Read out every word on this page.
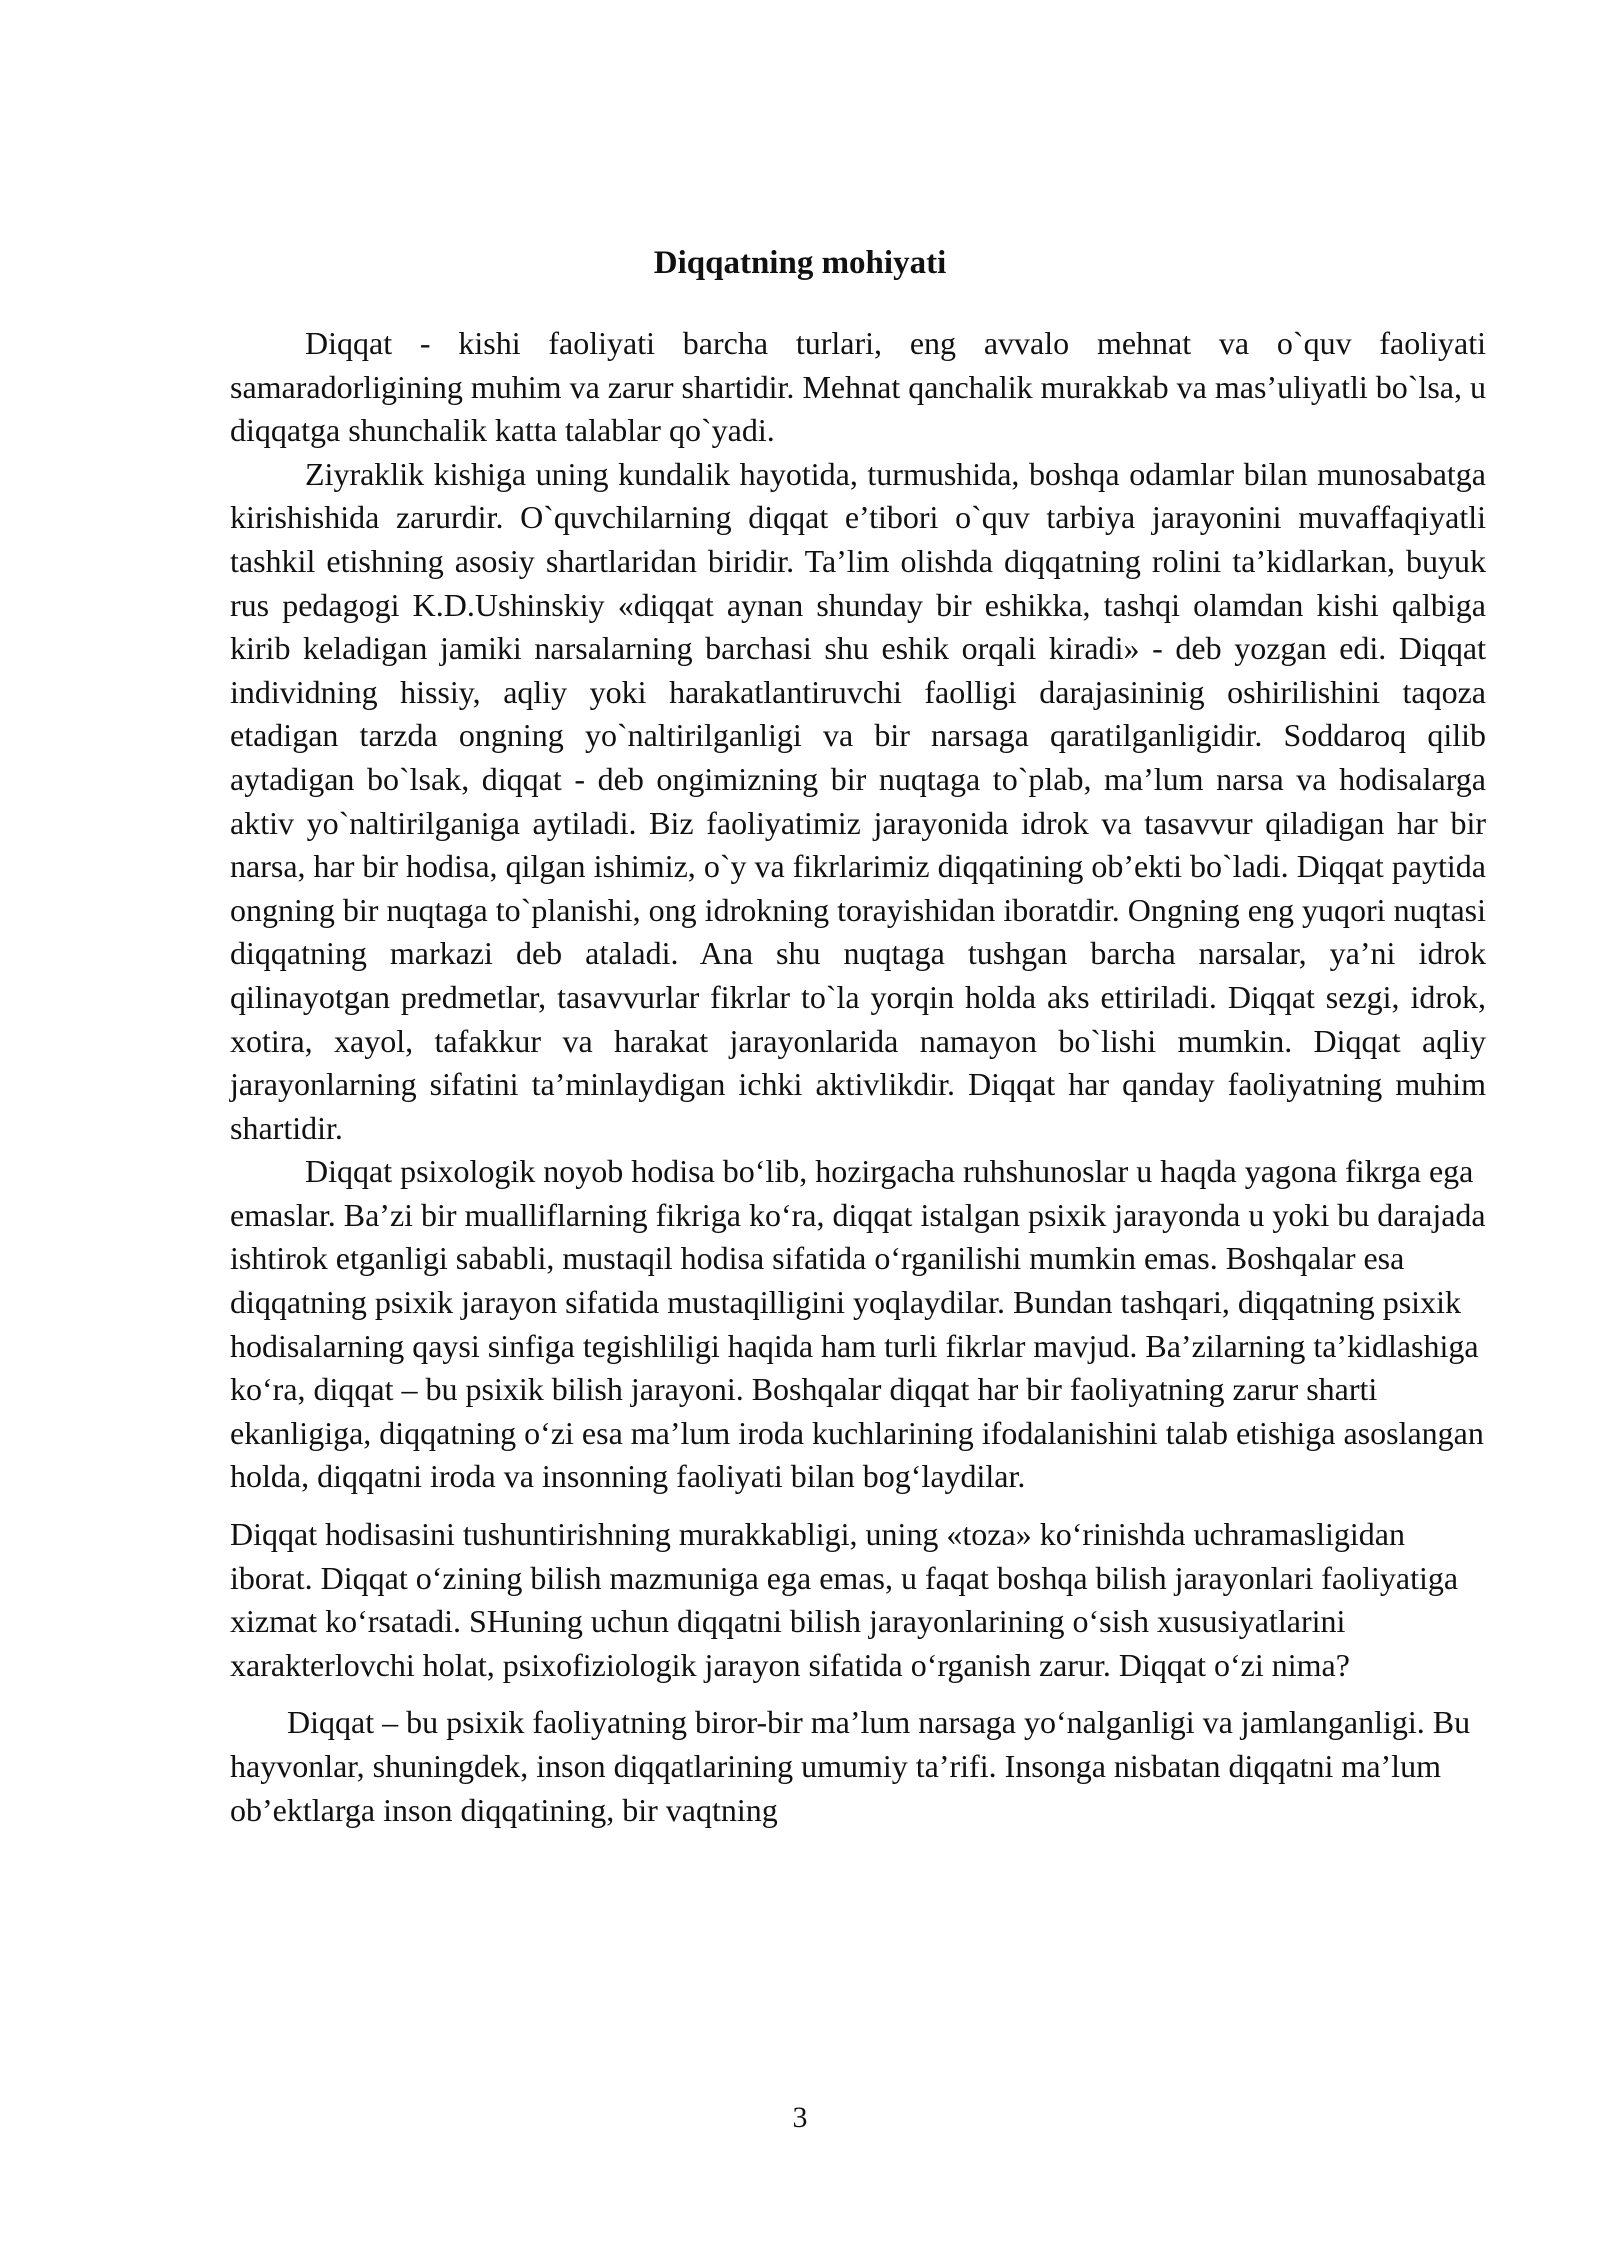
Diqqatning mohiyati

Diqqat - kishi faoliyati barcha turlari, eng avvalo mehnat va o`quv faoliyati samaradorligining muhim va zarur shartidir. Mehnat qanchalik murakkab va mas’uliyatli bo`lsa, u diqqatga shunchalik katta talablar qo`yadi.

Ziyraklik kishiga uning kundalik hayotida, turmushida, boshqa odamlar bilan munosabatga kirishishida zarurdir. O`quvchilarning diqqat e’tibori o`quv tarbiya jarayonini muvaffaqiyatli tashkil etishning asosiy shartlaridan biridir. Ta’lim olishda diqqatning rolini ta’kidlarkan, buyuk rus pedagogi K.D.Ushinskiy «diqqat aynan shunday bir eshikka, tashqi olamdan kishi qalbiga kirib keladigan jamiki narsalarning barchasi shu eshik orqali kiradi» - deb yozgan edi. Diqqat individning hissiy, aqliy yoki harakatlantiruvchi faolligi darajasininig oshirilishini taqoza etadigan tarzda ongning yo`naltirilganligi va bir narsaga qaratilganligidir. Soddaroq qilib aytadigan bo`lsak, diqqat - deb ongimizning bir nuqtaga to`plab, ma’lum narsa va hodisalarga aktiv yo`naltirilganiga aytiladi. Biz faoliyatimiz jarayonida idrok va tasavvur qiladigan har bir narsa, har bir hodisa, qilgan ishimiz, o`y va fikrlarimiz diqqatining ob’ekti bo`ladi. Diqqat paytida ongning bir nuqtaga to`planishi, ong idrokning torayishidan iboratdir. Ongning eng yuqori nuqtasi diqqatning markazi deb ataladi. Ana shu nuqtaga tushgan barcha narsalar, ya’ni idrok qilinayotgan predmetlar, tasavvurlar fikrlar to`la yorqin holda aks ettiriladi. Diqqat sezgi, idrok, xotira, xayol, tafakkur va harakat jarayonlarida namayon bo`lishi mumkin. Diqqat aqliy jarayonlarning sifatini ta’minlaydigan ichki aktivlikdir. Diqqat har qanday faoliyatning muhim shartidir.

Diqqat psixologik noyob hodisa bo‘lib, hozirgacha ruhshunoslar u haqda yagona fikrga ega emaslar. Ba’zi bir mualliflarning fikriga ko‘ra, diqqat istalgan psixik jarayonda u yoki bu darajada ishtirok etganligi sababli, mustaqil hodisa sifatida o‘rganilishi mumkin emas. Boshqalar esa diqqatning psixik jarayon sifatida mustaqilligini yoqlaydilar. Bundan tashqari, diqqatning psixik hodisalarning qaysi sinfiga tegishliligi haqida ham turli fikrlar mavjud. Ba’zilarning ta’kidlashiga ko‘ra, diqqat – bu psixik bilish jarayoni. Boshqalar diqqat har bir faoliyatning zarur sharti ekanligiga, diqqatning o‘zi esa ma’lum iroda kuchlarining ifodalanishini talab etishiga asoslangan holda, diqqatni iroda va insonning faoliyati bilan bog‘laydilar.

Diqqat hodisasini tushuntirishning murakkabligi, uning «toza» ko‘rinishda uchramasligidan iborat. Diqqat o‘zining bilish mazmuniga ega emas, u faqat boshqa bilish jarayonlari faoliyatiga xizmat ko‘rsatadi. SHuning uchun diqqatni bilish jarayonlarining o‘sish xususiyatlarini xarakterlovchi holat, psixofiziologik jarayon sifatida o‘rganish zarur. Diqqat o‘zi nima?

Diqqat – bu psixik faoliyatning biror-bir ma’lum narsaga yo‘nalganligi va jamlanganligi. Bu hayvonlar, shuningdek, inson diqqatlarining umumiy ta’rifi. Insonga nisbatan diqqatni ma’lum ob’ektlarga inson diqqatining, bir vaqtning

3
